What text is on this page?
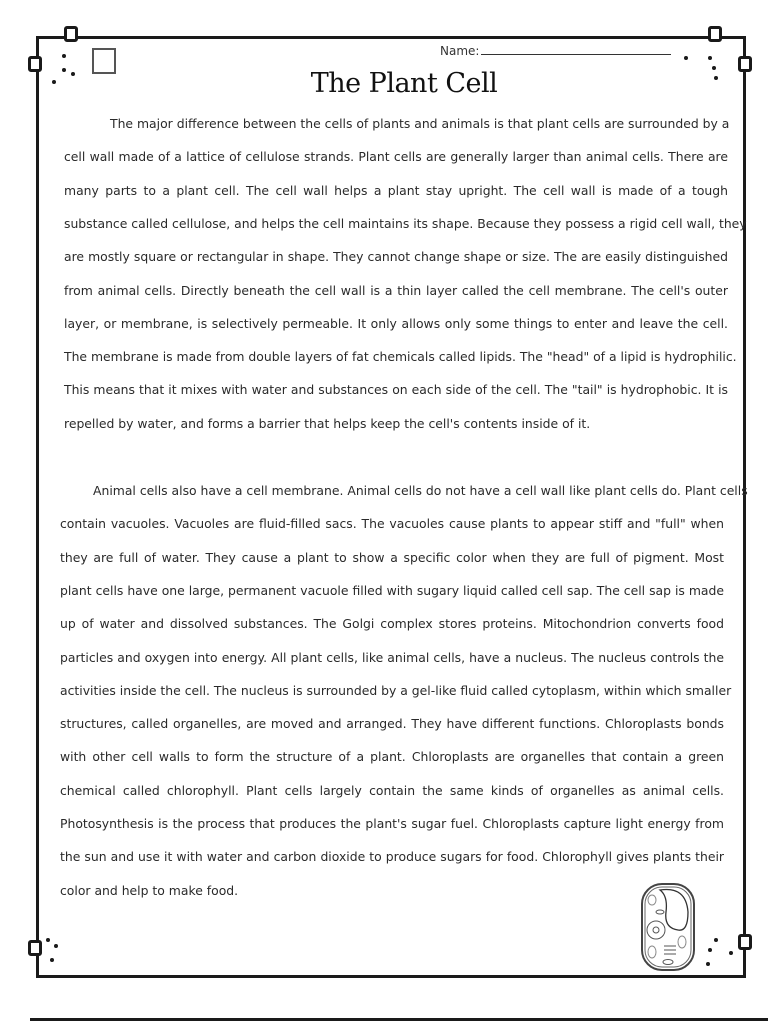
Name:
The Plant Cell
The major difference between the cells of plants and animals is that plant cells are surrounded by a
cell wall made of a lattice of cellulose strands. Plant cells are generally larger than animal cells. There are
many parts to a plant cell. The cell wall helps a plant stay upright. The cell wall is made of a tough
substance called cellulose, and helps the cell maintains its shape. Because they possess a rigid cell wall, they
are mostly square or rectangular in shape. They cannot change shape or size. The are easily distinguished
from animal cells. Directly beneath the cell wall is a thin layer called the cell membrane. The cell's outer
layer, or membrane, is selectively permeable. It only allows only some things to enter and leave the cell.
The membrane is made from double layers of fat chemicals called lipids. The "head" of a lipid is hydrophilic.
This means that it mixes with water and substances on each side of the cell. The "tail" is hydrophobic. It is
repelled by water, and forms a barrier that helps keep the cell's contents inside of it.
Animal cells also have a cell membrane. Animal cells do not have a cell wall like plant cells do. Plant cells
contain vacuoles. Vacuoles are fluid-filled sacs. The vacuoles cause plants to appear stiff and "full" when
they are full of water. They cause a plant to show a specific color when they are full of pigment. Most
plant cells have one large, permanent vacuole filled with sugary liquid called cell sap. The cell sap is made
up of water and dissolved substances. The Golgi complex stores proteins. Mitochondrion converts food
particles and oxygen into energy. All plant cells, like animal cells, have a nucleus. The nucleus controls the
activities inside the cell. The nucleus is surrounded by a gel-like fluid called cytoplasm, within which smaller
structures, called organelles, are moved and arranged. They have different functions. Chloroplasts bonds
with other cell walls to form the structure of a plant. Chloroplasts are organelles that contain a green
chemical called chlorophyll. Plant cells largely contain the same kinds of organelles as animal cells.
Photosynthesis is the process that produces the plant's sugar fuel. Chloroplasts capture light energy from
the sun and use it with water and carbon dioxide to produce sugars for food. Chlorophyll gives plants their
color and help to make food.
